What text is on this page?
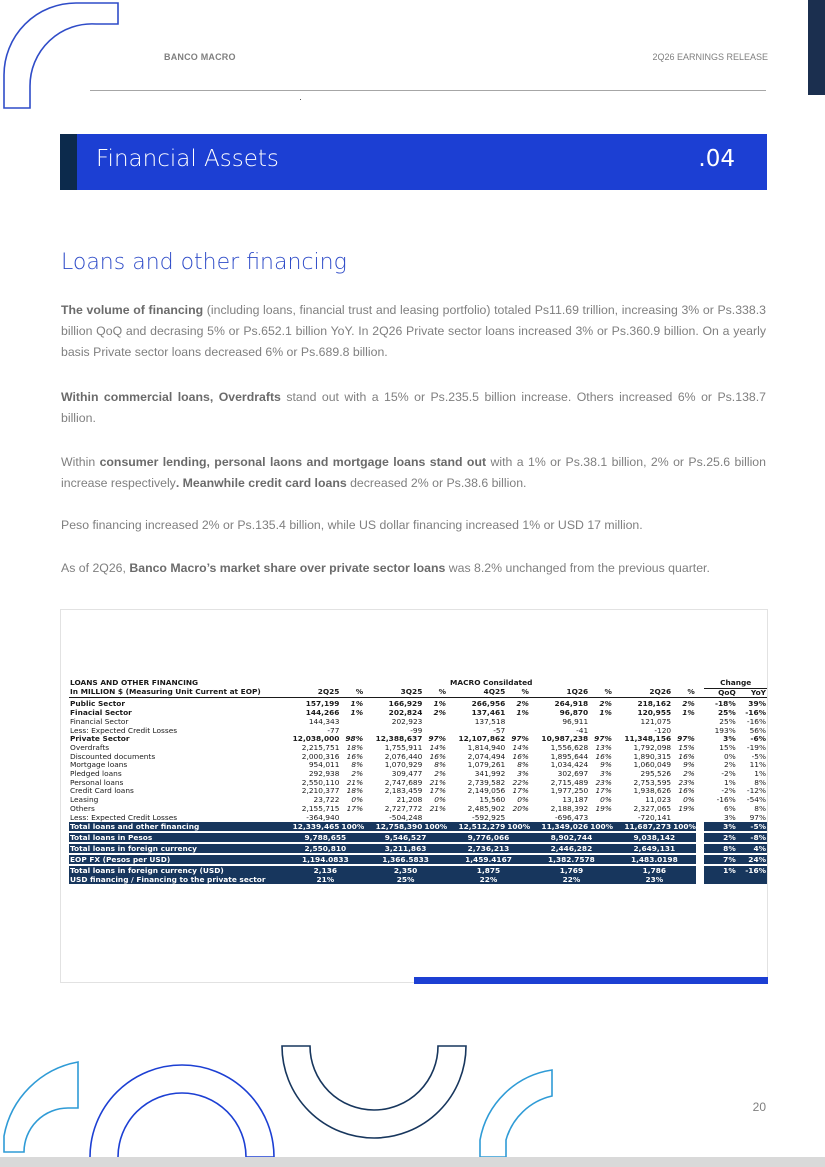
BANCO MACRO	2Q26 EARNINGS RELEASE
Financial Assets	.04
Loans and other financing
The volume of financing (including loans, financial trust and leasing portfolio) totaled Ps11.69 trillion, increasing 3% or Ps.338.3 billion QoQ and decrasing 5% or Ps.652.1 billion YoY. In 2Q26 Private sector loans increased 3% or Ps.360.9 billion. On a yearly basis Private sector loans decreased 6% or Ps.689.8 billion.
Within commercial loans, Overdrafts stand out with a 15% or Ps.235.5 billion increase. Others increased 6% or Ps.138.7 billion.
Within consumer lending, personal laons and mortgage loans stand out with a 1% or Ps.38.1 billion, 2% or Ps.25.6 billion increase respectively. Meanwhile credit card loans decreased 2% or Ps.38.6 billion.
Peso financing increased 2% or Ps.135.4 billion, while US dollar financing increased 1% or USD 17 million.
As of 2Q26, Banco Macro’s market share over private sector loans was 8.2% unchanged from the previous quarter.
LOANS AND OTHER FINANCING	MACRO Consildated											Change	
In MILLION $ (Measuring Unit Current at EOP)	2Q25	%	3Q25	%	4Q25	%	1Q26	%	2Q26	%		QoQ	YoY

Public Sector	157,199	1%	166,929	1%	266,956	2%	264,918	2%	218,162	2%		-18%	39%
Finacial Sector	144,266	1%	202,824	2%	137,461	1%	96,870	1%	120,955	1%		25%	-16%
Financial Sector	144,343		202,923		137,518		96,911		121,075			25%	-16%
Less: Expected Credit Losses	-77		-99		-57		-41		-120			193%	56%
Private Sector	12,038,000	98%	12,388,637	97%	12,107,862	97%	10,987,238	97%	11,348,156	97%		3%	-6%
Overdrafts	2,215,751	18%	1,755,911	14%	1,814,940	14%	1,556,628	13%	1,792,098	15%		15%	-19%
Discounted documents	2,000,316	16%	2,076,440	16%	2,074,494	16%	1,895,644	16%	1,890,315	16%		0%	-5%
Mortgage loans	954,011	8%	1,070,929	8%	1,079,261	8%	1,034,424	9%	1,060,049	9%		2%	11%
Pledged loans	292,938	2%	309,477	2%	341,992	3%	302,697	3%	295,526	2%		-2%	1%
Personal loans	2,550,110	21%	2,747,689	21%	2,739,582	22%	2,715,489	23%	2,753,595	23%		1%	8%
Credit Card loans	2,210,377	18%	2,183,459	17%	2,149,056	17%	1,977,250	17%	1,938,626	16%		-2%	-12%
Leasing	23,722	0%	21,208	0%	15,560	0%	13,187	0%	11,023	0%		-16%	-54%
Others	2,155,715	17%	2,727,772	21%	2,485,902	20%	2,188,392	19%	2,327,065	19%		6%	8%
Less: Expected Credit Losses	-364,940		-504,248		-592,925		-696,473		-720,141			3%	97%
Total loans and other financing	12,339,465	100%	12,758,390	100%	12,512,279	100%	11,349,026	100%	11,687,273	100%		3%	-5%

Total loans in Pesos	9,788,655		9,546,527		9,776,066		8,902,744		9,038,142			2%	-8%

Total loans in foreign currency	2,550,810		3,211,863		2,736,213		2,446,282		2,649,131			8%	4%

EOP FX (Pesos per USD)	1,194.0833		1,366.5833		1,459.4167		1,382.7578		1,483.0198			7%	24%

Total loans in foreign currency (USD)	2,136		2,350		1,875		1,769		1,786			1%	-16%
USD financing / Financing to the private sector	21%		25%		22%		22%		23%				
20
